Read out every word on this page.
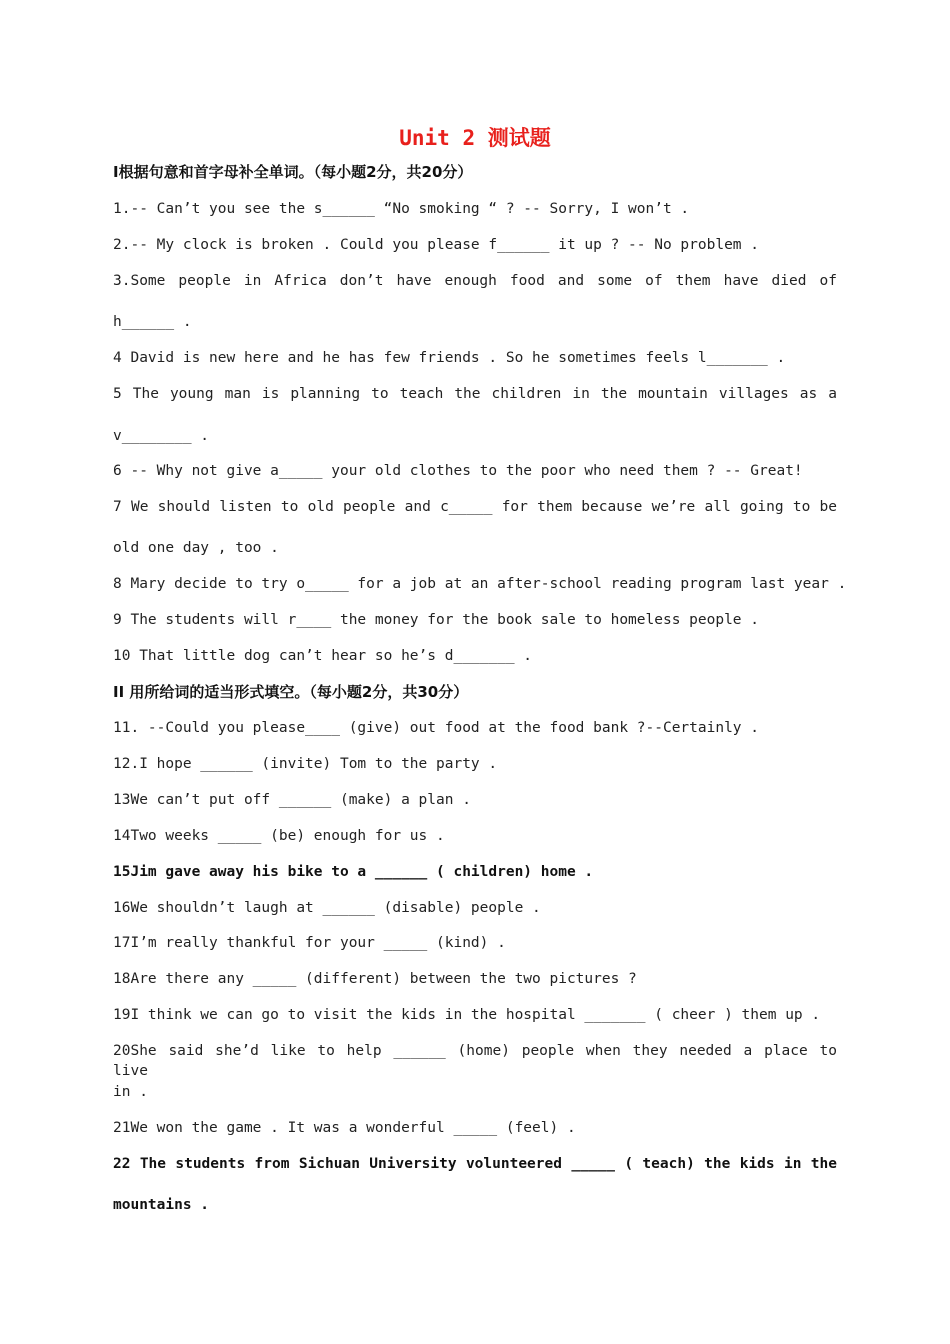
Unit 2 测试题

I根据句意和首字母补全单词。（每小题2分，共20分）

1.-- Can’t you see the s______ “No smoking “ ? -- Sorry, I won’t .

2.-- My clock is broken . Could you please f______ it up ? -- No problem .

3.Some people in Africa don’t have enough food and some of them have died of

h______ .

4 David is new here and he has few friends . So he sometimes feels l_______ .

5 The young man is planning to teach the children in the mountain villages as a

v________ .

6 -- Why not give a_____ your old clothes to the poor who need them ? -- Great!

7 We should listen to old people and c_____ for them because we’re all going to be

old one day , too .

8 Mary decide to try o_____ for a job at an after-school reading program last year .

9 The students will r____ the money for the book sale to homeless people .

10 That little dog can’t hear so he’s d_______ .

II 用所给词的适当形式填空。（每小题2分，共30分）

11. --Could you please____ (give) out food at the food bank ?--Certainly .

12.I hope ______ (invite) Tom to the party .

13We can’t put off ______ (make) a plan .

14Two weeks _____ (be) enough for us .

15Jim gave away his bike to a ______ ( children) home .

16We shouldn’t laugh at ______ (disable) people .

17I’m really thankful for your _____ (kind) .

18Are there any _____ (different) between the two pictures ?

19I think we can go to visit the kids in the hospital _______ ( cheer ) them up .

20She said she’d like to help ______ (home) people when they needed a place to live

in .

21We won the game . It was a wonderful _____ (feel) .

22 The students from Sichuan University volunteered _____ ( teach) the kids in the

mountains .
